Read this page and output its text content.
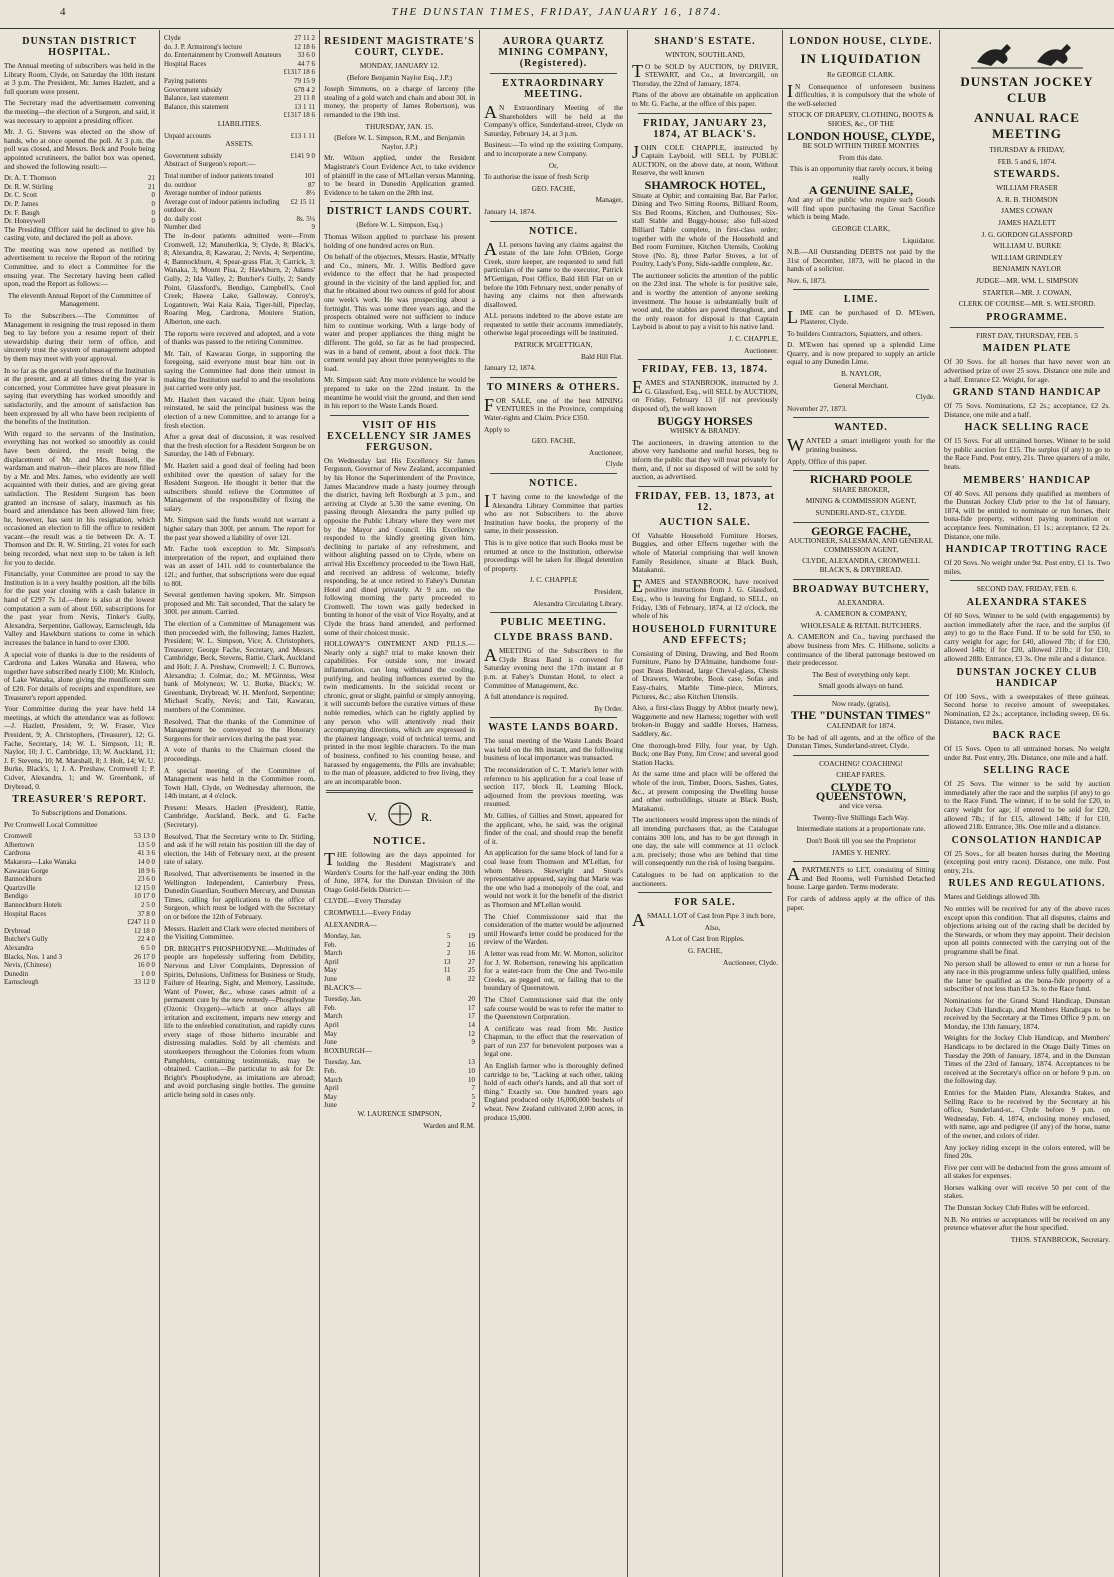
4	THE DUNSTAN TIMES, FRIDAY, JANUARY 16, 1874.
DUNSTAN DISTRICT HOSPITAL.

The Annual meeting of subscribers was held in the Library Room, Clyde, on Saturday the 10th instant at 3 p.m. The President, Mr. James Hazlett, and a full quorum were present.

The Secretary read the advertisement convening the meeting—the election of a Surgeon, and said, it was necessary to appoint a presiding officer.

Mr. J. G. Stevens was elected on the show of hands, who at once opened the poll. At 3 p.m. the poll was closed, and Messrs. Beck and Poole being appointed scrutineers, the ballot box was opened, and showed the following result:—

Dr. A. T. Thomson	21
Dr. R. W. Stirling	21
Dr. C. Scott	0
Dr. P. James	0
Dr. F. Baugh	0
Dr. Honeywell	0

The Presiding Officer said he declined to give his casting vote, and declared the poll as above.

The meeting was now opened as notified by advertisement to receive the Report of the retiring Committee, and to elect a Committee for the ensuing year. The Secretary having been called upon, read the Report as follows:—

The eleventh Annual Report of the Committee of Management.

To the Subscribers.—The Committee of Management in resigning the trust reposed in them beg to lay before you a resume report of their stewardship during their term of office, and sincerely trust the system of management adopted by them may meet with your approval.

In so far as the general usefulness of the Institution at the present, and at all times during the year is concerned, your Committee have great pleasure in saying that everything has worked smoothly and satisfactorily, and the amount of satisfaction has been expressed by all who have been recipients of the benefits of the Institution.

With regard to the servants of the Institution, everything has not worked so smoothly as could have been desired, the result being the displacement of Mr. and Mrs. Russell, the wardsman and matron—their places are now filled by a Mr. and Mrs. James, who evidently are well acquainted with their duties, and are giving great satisfaction. The Resident Surgeon has been granted an increase of salary, inasmuch as his board and attendance has been allowed him free; he, however, has sent in his resignation, which occasioned an election to fill the office to resident vacant—the result was a tie between Dr. A. T. Thomson and Dr. R. W. Stirling, 21 votes for each being recorded, what next step to be taken is left for you to decide.

Financially, your Committee are proud to say the Institution is in a very healthy position, all the bills for the past year closing with a cash balance in hand of £297 7s 1d.—there is also at the lowest computation a sum of about £60, subscriptions for the past year from Nevis, Tinker's Gully, Alexandra, Serpentine, Galloway, Earnscleugh, Ida Valley and Hawkburn stations to come in which increases the balance in hand to over £300.

A special vote of thanks is due to the residents of Cardrona and Lakes Wanaka and Hawea, who together have subscribed nearly £100; Mr. Kinloch, of Lake Wanaka, alone giving the munificent sum of £20. For details of receipts and expenditure, see Treasurer's report appended.

Your Committee during the year have held 14 meetings, at which the attendance was as follows:—J. Hazlett, President, 9; W. Fraser, Vice President, 9; A. Christophers, (Treasurer), 12; G. Fache, Secretary, 14; W. L. Simpson, 11; R. Naylor, 10; J. C. Cambridge, 13; W. Auckland, 11; J. F. Stevens, 10; M. Marshall, 8; J. Holt, 14; W. U. Burke, Black's, 1; J. A. Preshaw, Cromwell 1; P. Culver, Alexandra, 1; and W. Greenbank, of Drybread, 0.

TREASURER'S REPORT.

To Subscriptions and Donations.

Per Cromwell Local Committee

Cromwell	53 13 0
Albertown	13 5 0
Cardrona	41 3 6
Makarora—Lake Wanaka	14 0 0
Kawarau Gorge	18 9 6
Bannockburn	23 6 0
Quartzville	12 15 0
Bendigo	10 17 0
Bannockburn Hotels	2 5 0
Hospital Races	37 8 0
	£247 11 0
Drybread	12 18 0
Butcher's Gully	22 4 0
Alexandra	6 5 0
Blacks, Nos. 1 and 3	26 17 0
Nevis, (Chinese)	16 0 0
Dunedin	1 0 0
Earnscleugh	33 12 0
Clyde	27 11 2
do. J. P. Armstrong's lecture	12 18 6
do. Entertainment by Cromwell Amateurs	33 6 0
Hospital Races	44 7 6
	£1317 18 6
Paying patients	79 15 9
Government subsidy	678 4 2
Balance, last statement	23 11 8
Balance, this statement	13 1 11
	£1317 18 6

LIABILITIES.

Unpaid accounts	£13 1 11

ASSETS.

Government subsidy	£141 9 0

Abstract of Surgeon's report:—

Total number of indoor patients treated	101
do. outdoor	87
Average number of indoor patients	8½
Average cost of indoor patients including outdoor do.	£2 15 11
do. daily cost	8s. 5¼
Number died	9

The in-door patients admitted were—From Cromwell, 12; Manuherikia, 9; Clyde, 8; Black's, 8; Alexandra, 8; Kawarau, 2; Nevis, 4; Serpentine, 4; Bannockburn, 4; Spear-grass Flat, 3; Carrick, 3; Wanaka, 3; Mount Pisa, 2; Hawkburn, 2; Adams' Gully, 2; Ida Valley, 2; Butcher's Gully, 2; Sandy Point, Glassford's, Bendigo, Campbell's, Cool Creek; Hawea Lake, Galloway, Conroy's, Logantown, Wai Kaia Kaia, Tiger-hill, Pipeclay, Roaring Meg, Cardrona, Moutere Station, Alberton, one each.

The reports were received and adopted, and a vote of thanks was passed to the retiring Committee.

Mr. Tait, of Kawarau Gorge, in supporting the foregoing, said everyone must bear him out in saying the Committee had done their utmost in making the Institution useful to and the resolutions just carried were only just.

Mr. Hazlett then vacated the chair. Upon being reinstated, he said the principal business was the election of a new Committee, and to arrange for a fresh election.

After a great deal of discussion, it was resolved that the fresh election for a Resident Surgeon be on Saturday, the 14th of February.

Mr. Hazlett said a good deal of feeling had been exhibited over the question of salary for the Resident Surgeon. He thought it better that the subscribers should relieve the Committee of Management of the responsibility of fixing the salary.

Mr. Simpson said the funds would not warrant a higher salary than 300l. per annum. The report for the past year showed a liability of over 12l.

Mr. Fache took exception to Mr. Simpson's interpretation of the report, and explained there was an asset of 141l. odd to counterbalance the 12l.; and further, that subscriptions were due equal to 80l.

Several gentlemen having spoken, Mr. Simpson proposed and Mr. Tait seconded, That the salary be 300l. per annum. Carried.

The election of a Committee of Management was then proceeded with, the following; James Hazlett, President; W. L. Simpson, Vice; A. Christophers, Treasurer; George Fache, Secretary, and Messrs. Cambridge, Beck, Stevens, Rattie, Clark, Auckland and Holt; J. A. Preshaw, Cromwell; J. C. Burrows, Alexandra; J. Colmar, do.; M. M'Ginniss, West bank of Molyneux; W. U. Burke, Black's; W. Greenbank, Drybread; W. H. Menford, Serpentine; Michael Scally, Nevis; and Tait, Kawarau, members of the Committee.

Resolved, That the thanks of the Committee of Management be conveyed to the Honorary Surgeons for their services during the past year.

A vote of thanks to the Chairman closed the proceedings.

A special meeting of the Committee of Management was held in the Committee room, Town Hall, Clyde, on Wednesday afternoon, the 14th instant, at 4 o'clock.

Present: Messrs. Hazlett (President), Rattie, Cambridge, Auckland, Beck, and G. Fache (Secretary).

Resolved, That the Secretary write to Dr. Stirling, and ask if he will retain his position till the day of election, the 14th of February next, at the present rate of salary.

Resolved, That advertisements be inserted in the Wellington Independent, Canterbury Press, Dunedin Guardian, Southern Mercury, and Dunstan Times, calling for applications to the office of Surgeon, which must be lodged with the Secretary on or before the 12th of February.

Messrs. Hazlett and Clark were elected members of the Visiting Committee.

DR. BRIGHT'S PHOSPHODYNE.—Multitudes of people are hopelessly suffering from Debility, Nervous and Liver Complaints, Depression of Spirits, Delusions, Unfitness for Business or Study, Failure of Hearing, Sight, and Memory, Lassitude, Want of Power, &c., whose cases admit of a permanent cure by the new remedy—Phosphodyne (Ozonic Oxygen)—which at once allays all irritation and excitement, imparts new energy and life to the enfeebled constitution, and rapidly cures every stage of those hitherto incurable and distressing maladies. Sold by all chemists and storekeepers throughout the Colonies from whom Pamphlets, containing testimonials, may be obtained. Caution.—Be particular to ask for Dr. Bright's Phosphodyne, as imitations are abroad; and avoid purchasing single bottles. The genuine article being sold in cases only.

RESIDENT MAGISTRATE'S COURT, CLYDE.

MONDAY, JANUARY 12.

(Before Benjamin Naylor Esq., J.P.)

Joseph Simmons, on a charge of larceny (the stealing of a gold watch and chain and about 30l. in money, the property of James Robertson), was remanded to the 19th inst.

THURSDAY, JAN. 15.

(Before W. L. Simpson, R.M., and Benjamin Naylor, J.P.)

Mr. Wilson applied, under the Resident Magistrate's Court Evidence Act, to take evidence of plaintiff in the case of M'Lellan versus Manning, to be heard in Dunedin Application granted. Evidence to be taken on the 28th inst.

DISTRICT LANDS COURT.

(Before W. L. Simpson, Esq.)

Thomas Wilson applied to purchase his present holding of one hundred acres on Run.

On behalf of the objectors, Messrs. Hastie, M'Nally and Co., miners, Mr. J. Willis Bedford gave evidence to the effect that he had prospected ground in the vicinity of the land applied for, and that he obtained about two ounces of gold for about one week's work. He was prospecting about a fortnight. This was some three years ago, and the prospects obtained were not sufficient to induce him to continue working. With a large body of water and proper appliances the thing might be different. The gold, so far as he had prospected, was in a band of cement, about a foot thick. The cement would pay about three pennyweights to the load.

Mr. Simpson said: Any more evidence he would be prepared to take on the 22nd instant. In the meantime he would visit the ground, and then send in his report to the Waste Lands Board.

VISIT OF HIS EXCELLENCY SIR JAMES FERGUSON.

On Wednesday last His Excellency Sir James Ferguson, Governor of New Zealand, accompanied by his Honor the Superintendent of the Province, James Macandrew made a hasty journey through the district, having left Roxburgh at 3 p.m., and arriving at Clyde at 5.30 the same evening. On passing through Alexandra the party pulled up opposite the Public Library where they were met by the Mayor and Council. His Excellency responded to the kindly greeting given him, declining to partake of any refreshment, and without alighting passed on to Clyde, where on arrival His Excellency proceeded to the Town Hall, and received an address of welcome, briefly responding, he at once retired to Fahey's Dunstan Hotel and dined privately. At 9 a.m. on the following morning the party proceeded to Cromwell. The town was gaily bedecked in bunting in honor of the visit of Vice Royalty, and at Clyde the brass band attended, and performed some of their choicest music.

HOLLOWAY'S OINTMENT AND PILLS.—Nearly only a sigh? trial to make known their capabilities. For outside sore, nor inward inflammation, can long withstand the cooling, purifying, and healing influences exerted by the twin medicaments. In the suicidal recent or chronic, great or slight, painful or simply annoying, it will succumb before the curative virtues of these noble remedies, which can be rightly applied by any person who will attentively read their accompanying directions, which are expressed in the plainest language, void of technical terms, and printed in the most legible characters. To the man of business, confined to his counting house, and harassed by engagements, the Pills are invaluable; to the man of pleasure, addicted to free living, they are an incomparable boon.

V.	R.
NOTICE.

THE following are the days appointed for holding the Resident Magistrate's and Warden's Courts for the half-year ending the 30th of June, 1874, for the Dunstan Division of the Otago Gold-fields District:—

CLYDE—Every Thursday

CROMWELL—Every Friday

ALEXANDRA—

Monday, Jan.	5	19
Feb.	2	16
March	2	16
April	13	27
May	11	25
June	8	22

BLACK'S—

Tuesday, Jan.	20
Feb.	17
March	17
April	14
May	12
June	9

ROXBURGH—

Tuesday, Jan.	13
Feb.	10
March	10
April	7
May	5
June	2

W. LAURENCE SIMPSON,

Warden and R.M.

AURORA QUARTZ MINING COMPANY, (Registered).
EXTRAORDINARY MEETING.

AN Extraordinary Meeting of the Shareholders will be held at the Company's office, Sunderland-street, Clyde on Saturday, February 14, at 3 p.m.

Business:—To wind up the existing Company, and to incorporate a new Company.

Or,

To authorise the issue of fresh Scrip

GEO. FACHE,

Manager,

January 14, 1874.

NOTICE.

ALL persons having any claims against the estate of the late John O'Brien, Gorge Creek, store keeper, are requested to send full particulars of the same to the executor, Patrick M'Gettigan, Post Office, Bald Hill Flat on or before the 10th February next, under penalty of having any claims not then afterwards disallowed.

ALL persons indebted to the above estate are requested to settle their accounts immediately, otherwise legal proceedings will be instituted.

PATRICK M'GETTIGAN,

Bald Hill Flat.

January 12, 1874.

TO MINERS & OTHERS.

FOR SALE, one of the best MINING VENTURES in the Province, comprising Water-rights and Claim. Price £350.

Apply to

GEO. FACHE,

Auctioneer,

Clyde

NOTICE.

IT having come to the knowledge of the Alexandra Library Committee that parties who are not Subscribers to the above Institution have books, the property of the same, in their possession.

This is to give notice that such Books must be returned at once to the Institution, otherwise proceedings will be taken for illegal detention of property.

J. C. CHAPPLE

President,

Alexandra Circulating Library.

PUBLIC MEETING.
CLYDE BRASS BAND.

AMEETING of the Subscribers to the Clyde Brass Band is convened for Saturday evening next the 17th instant at 8 p.m. at Fahey's Dunstan Hotel, to elect a Committee of Management, &c.

A full attendance is required.

By Order.

WASTE LANDS BOARD.

The usual meeting of the Waste Lands Board was held on the 8th instant, and the following business of local importance was transacted.

The reconsideration of C. T. Marie's letter with reference to his application for a coal lease of section 117, block II, Leaming Block, adjourned from the previous meeting, was resumed.

Mr. Gillies, of Gillies and Street, appeared for the applicant, who, he said, was the original finder of the coal, and should reap the benefit of it.

An application for the same block of land for a coal lease from Thomson and M'Lellan, for whom Messrs. Skewright and Stout's representative appeared, saying that Marie was the one who had a monopoly of the coal, and would not work it for the benefit of the district as Thomson and M'Lellan would.

The Chief Commissioner said that the consideration of the matter would be adjourned until Howard's letter could be produced for the review of the Warden.

A letter was read from Mr. W. Morton, solicitor for J. W. Robertson, renewing his application for a water-race from the One and Two-mile Creeks, as pegged out, or failing that to the boundary of Queenstown.

The Chief Commissioner said that the only safe course would be was to refer the matter to the Queenstown Corporation.

A certificate was read from Mr. Justice Chapman, to the effect that the reservation of part of run 237 for benevolent purposes was a legal one.

An English farmer who is thoroughly defined cartridge to be, "Lacking at each other, taking hold of each other's hands, and all that sort of thing." Exactly so. One hundred years ago England produced only 16,000,000 bushels of wheat. New Zealand cultivated 2,000 acres, in produce 15,000.

SHAND'S ESTATE.

WINTON, SOUTHLAND,

TO be SOLD by AUCTION, by DRIVER, STEWART, and Co., at Invercargill, on Thursday, the 22nd of January, 1874.

Plans of the above are obtainable on application to Mr. G. Fache, at the office of this paper.

FRIDAY, JANUARY 23, 1874, AT BLACK'S.

JOHN COLE CHAPPLE, instructed by Captain Layboid, will SELL by PUBLIC AUCTION, on the above date, at noon, Without Reserve, the well known

SHAMROCK HOTEL,

Situate at Ophir; and containing Bar, Bar Parlor, Dining and Two Sitting Rooms, Billiard Room, Six Bed Rooms, Kitchen, and Outhouses; Six-stall Stable and Buggy-house; also full-sized Billiard Table complete, in first-class order; together with the whole of the Household and Bed room Furniture, Kitchen Utensils, Cooking Stove (No. 8), three Parlor Stoves, a lot of Poultry, Lady's Pony, Side-saddle complete, &c.

The auctioneer solicits the attention of the public on the 23rd inst. The whole is for positive sale, and is worthy the attention of anyone seeking investment. The house is substantially built of wood and, the stables are paved throughout, and the only reason for disposal is that Captain Layboid is about to pay a visit to his native land.

J. C. CHAPPLE,

Auctioneer.

FRIDAY, FEB. 13, 1874.

EAMES and STANBROOK, instructed by J. G. Glassford, Esq., will SELL by AUCTION, on Friday, February 13 (if not previously disposed of), the well known

BUGGY HORSES

WHISKY & BRANDY.

The auctioneers, in drawing attention to the above very handsome and useful horses, beg to inform the public that they will treat privately for them, and, if not so disposed of will be sold by auction, as advertised.

FRIDAY, FEB. 13, 1873, at 12.
AUCTION SALE.

Of Valuable Household Furniture Horses, Buggies, and other Effects together with the whole of Material comprising that well known Family Residence, situate at Black Bush, Matakanui.

EAMES and STANBROOK, have received positive instructions from J. G. Glassford, Esq., who is leaving for England, to SELL, on Friday, 13th of February, 1874, at 12 o'clock, the whole of his

HOUSEHOLD FURNITURE AND EFFECTS;

Consisting of Dining, Drawing, and Bed Room Furniture, Piano by D'Almaine, handsome four-post Brass Bedstead, large Cheval-glass, Chests of Drawers, Wardrobe, Book case, Sofas and Easy-chairs, Marble Time-piece, Mirrors, Pictures, &c.; also Kitchen Utensils.

Also, a first-class Buggy by Abbot (nearly new), Waggonette and new Harness; together with well broken-in Buggy and saddle Horses, Harness, Saddlery, &c.

One thorough-bred Filly, four year, by Ugh. Buck; one Bay Pony, Jim Crow; and several good Station Hacks.

At the same time and place will be offered the whole of the iron, Timber, Doors, Sashes, Gates, &c., at present composing the Dwelling house and other outbuildings, situate at Black Bush, Matakanui.

The auctioneers would impress upon the minds of all intending purchasers that, as the Catalogue contains 300 lots, and has to be got through in one day, the sale will commence at 11 o'clock a.m. precisely; those who are behind that time will consequently run the risk of losing bargains.

Catalogues to be had on application to the auctioneers.

FOR SALE.

ASMALL LOT of Cast Iron Pipe 3 inch bore,

Also,

A Lot of Cast Iron Ripples.

G. FACHE,

Auctioneer, Clyde.

LONDON HOUSE, CLYDE.
IN LIQUIDATION

Re GEORGE CLARK.

IN Consequence of unforeseen business difficulties, it is compulsory that the whole of the well-selected

STOCK OF DRAPERY, CLOTHING, BOOTS & SHOES, &c., OF THE

LONDON HOUSE, CLYDE,

BE SOLD WITHIN THREE MONTHS

From this date.

This is an opportunity that rarely occurs, it being really

A GENUINE SALE,

And any of the public who require such Goods will find upon purchasing the Great Sacrifice which is being Made.

GEORGE CLARK,

Liquidator.

N.B.—All Outstanding DEBTS not paid by the 31st of December, 1873, will be placed in the hands of a solicitor.

Nov. 6, 1873.

LIME.

LIME can be purchased of D. M'Ewen, Plasterer, Clyde.

To builders Contractors, Squatters, and others.

D. M'Ewen has opened up a splendid Lime Quarry, and is now prepared to supply an article equal to any Dunedin Lime.

B. NAYLOR,

General Merchant.

Clyde.

November 27, 1873.

WANTED.

WANTED a smart intelligent youth for the printing business.

Apply, Office of this paper.

RICHARD POOLE

SHARE BROKER,

MINING & COMMISSION AGENT,

SUNDERLAND-ST., CLYDE.

GEORGE FACHE,

AUCTIONEER, SALESMAN, AND GENERAL COMMISSION AGENT,

CLYDE, ALEXANDRA, CROMWELL BLACK'S, & DRYBREAD.

BROADWAY BUTCHERY,

ALEXANDRA.

A. CAMERON & COMPANY,

WHOLESALE & RETAIL BUTCHERS.

A. CAMERON and Co., having purchased the above business from Mrs. C. Hillsone, solicits a continuance of the liberal patronage bestowed on their predecessor.

The Best of everything only kept.

Small goods always on hand.

Now ready, (gratis),

THE "DUNSTAN TIMES"

CALENDAR for 1874.

To be had of all agents, and at the office of the Dunstan Times, Sunderland-street, Clyde.

COACHING! COACHING!

CHEAP FARES.

CLYDE TO QUEENSTOWN,

and vice versa.

Twenty-five Shillings Each Way.

Intermediate stations at a proportionate rate.

Don't Book till you see the Proprietor

JAMES Y. HENRY.

APARTMENTS to LET, consisting of Sitting and Bed Rooms, well Furnished Detached house. Large garden. Terms moderate.

For cards of address apply at the office of this paper.

DUNSTAN JOCKEY CLUB
ANNUAL RACE MEETING

THURSDAY & FRIDAY,

FEB. 5 and 6, 1874.

STEWARDS.

WILLIAM FRASER

A. R. B. THOMSON

JAMES COWAN

JAMES HAZLETT

J. G. GORDON GLASSFORD

WILLIAM U. BURKE

WILLIAM GRINDLEY

BENJAMIN NAYLOR

JUDGE—MR. WM. L. SIMPSON

STARTER—MR. J. COWAN,

CLERK OF COURSE—MR. S. WELSFORD.

PROGRAMME.

FIRST DAY, THURSDAY, FEB. 5

MAIDEN PLATE

Of 30 Sovs. for all horses that have never won an advertised prize of over 25 sovs. Distance one mile and a half. Entrance £2. Weight, for age.

GRAND STAND HANDICAP

Of 75 Sovs. Nominations, £2 2s.; acceptance, £2 2s. Distance, one mile and a half.

HACK SELLING RACE

Of 15 Sovs. For all untrained horses. Winner to be sold by public auction for £15. The surplus (if any) to go to the Race Fund. Post entry, 21s. Three quarters of a mile, heats.

MEMBERS' HANDICAP

Of 40 Sovs. All persons duly qualified as members of the Dunstan Jockey Club prior to the 1st of January, 1874, will be entitled to nominate or run horses, their bona-fide property, without paying nomination or acceptance fees. Nomination, £1 1s.; acceptance, £2 2s. Distance, one mile.

HANDICAP TROTTING RACE

Of 20 Sovs. No weight under 9st. Post entry, £1 1s. Two miles.

SECOND DAY, FRIDAY, FEB. 6.

ALEXANDRA STAKES

Of 60 Sovs. Winner to be sold (with engagements) by auction immediately after the race, and the surplus (if any) to go to the Race Fund. If to be sold for £50, to carry weight for age; for £40, allowed 7lb; if for £30, allowed 14lb; if for £20, allowed 21lb.; if for £10, allowed 28lb. Entrance, £3 3s. One mile and a distance.

DUNSTAN JOCKEY CLUB HANDICAP

Of 100 Sovs., with a sweepstakes of three guineas. Second horse to receive amount of sweepstakes. Nomination, £2 2s.; acceptance, including sweep, £6 6s. Distance, two miles.

BACK RACE

Of 15 Sovs. Open to all untrained horses. No weight under 8st. Post entry, 20s. Distance, one mile and a half.

SELLING RACE

Of 25 Sovs. The winner to be sold by auction immediately after the race and the surplus (if any) to go to the Race Fund. The winner, if to be sold for £20, to carry weight for age; if entered to be sold for £20, allowed 7lb.; if for £15, allowed 14lb; if for £10, allowed 21lb. Entrance, 30s. One mile and a distance.

CONSOLATION HANDICAP

Of 25 Sovs., for all beaten horses during the Meeting (excepting post entry races). Distance, one mile. Post entry, 21s.

RULES AND REGULATIONS.

Mares and Geldings allowed 3lb.

No entries will be received for any of the above races except upon this condition. That all disputes, claims and objections arising out of the racing shall be decided by the Stewards, or whom they may appoint. Their decision upon all points connected with the carrying out of the programme shall be final.

No person shall be allowed to enter or run a horse for any race in this programme unless fully qualified, unless the latter be qualified as the bona-fide property of a subscriber of not less than £3 3s. to the Race fund.

Nominations for the Grand Stand Handicap, Dunstan Jockey Club Handicap, and Members Handicaps to be received by the Secretary at the Times Office 9 p.m. on Monday, the 13th January, 1874.

Weights for the Jockey Club Handicap, and Members' Handicaps to be declared in the Otago Daily Times on Tuesday the 20th of January, 1874, and in the Dunstan Times of the 23rd of January, 1874. Acceptances to be received at the Secretary's office on or before 9 p.m. on the following day.

Entries for the Maiden Plate, Alexandra Stakes, and Selling Race to be received by the Secretary at his office, Sunderland-st., Clyde before 9 p.m. on Wednesday, Feb. 4, 1874, enclosing money enclosed, with name, age and pedigree (if any) of the horse, name of the owner, and colors of rider.

Any jockey riding except in the colors entered, will be fined 20s.

Five per cent will be deducted from the gross amount of all stakes for expenses.

Horses walking over will receive 50 per cent of the stakes.

The Dunstan Jockey Club Rules will be enforced.

N.B. No entries or acceptances will be received on any pretence whatever after the hour specified.

THOS. STANBROOK, Secretary.
